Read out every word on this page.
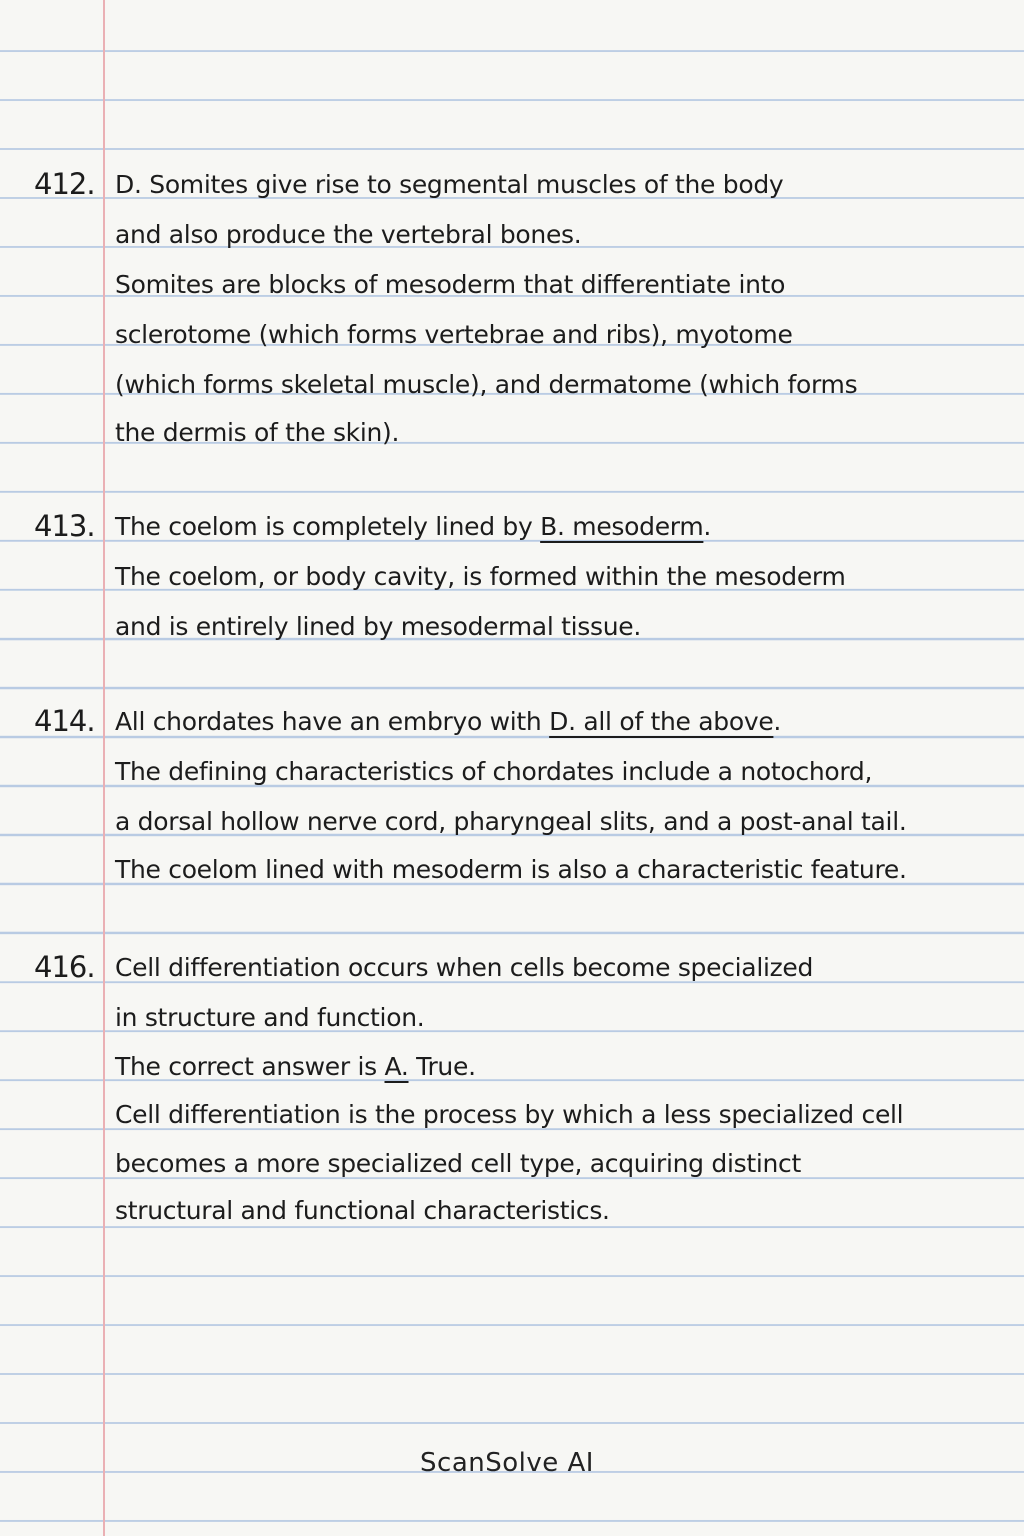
412. D. Somites give rise to segmental muscles of the body
and also produce the vertebral bones.
Somites are blocks of mesoderm that differentiate into
sclerotome (which forms vertebrae and ribs), myotome
(which forms skeletal muscle), and dermatome (which forms
the dermis of the skin).
413. The coelom is completely lined by B. mesoderm.
The coelom, or body cavity, is formed within the mesoderm
and is entirely lined by mesodermal tissue.
414. All chordates have an embryo with D. all of the above.
The defining characteristics of chordates include a notochord,
a dorsal hollow nerve cord, pharyngeal slits, and a post-anal tail.
The coelom lined with mesoderm is also a characteristic feature.
416. Cell differentiation occurs when cells become specialized
in structure and function.
The correct answer is A. True.
Cell differentiation is the process by which a less specialized cell
becomes a more specialized cell type, acquiring distinct
structural and functional characteristics.
ScanSolve AI
